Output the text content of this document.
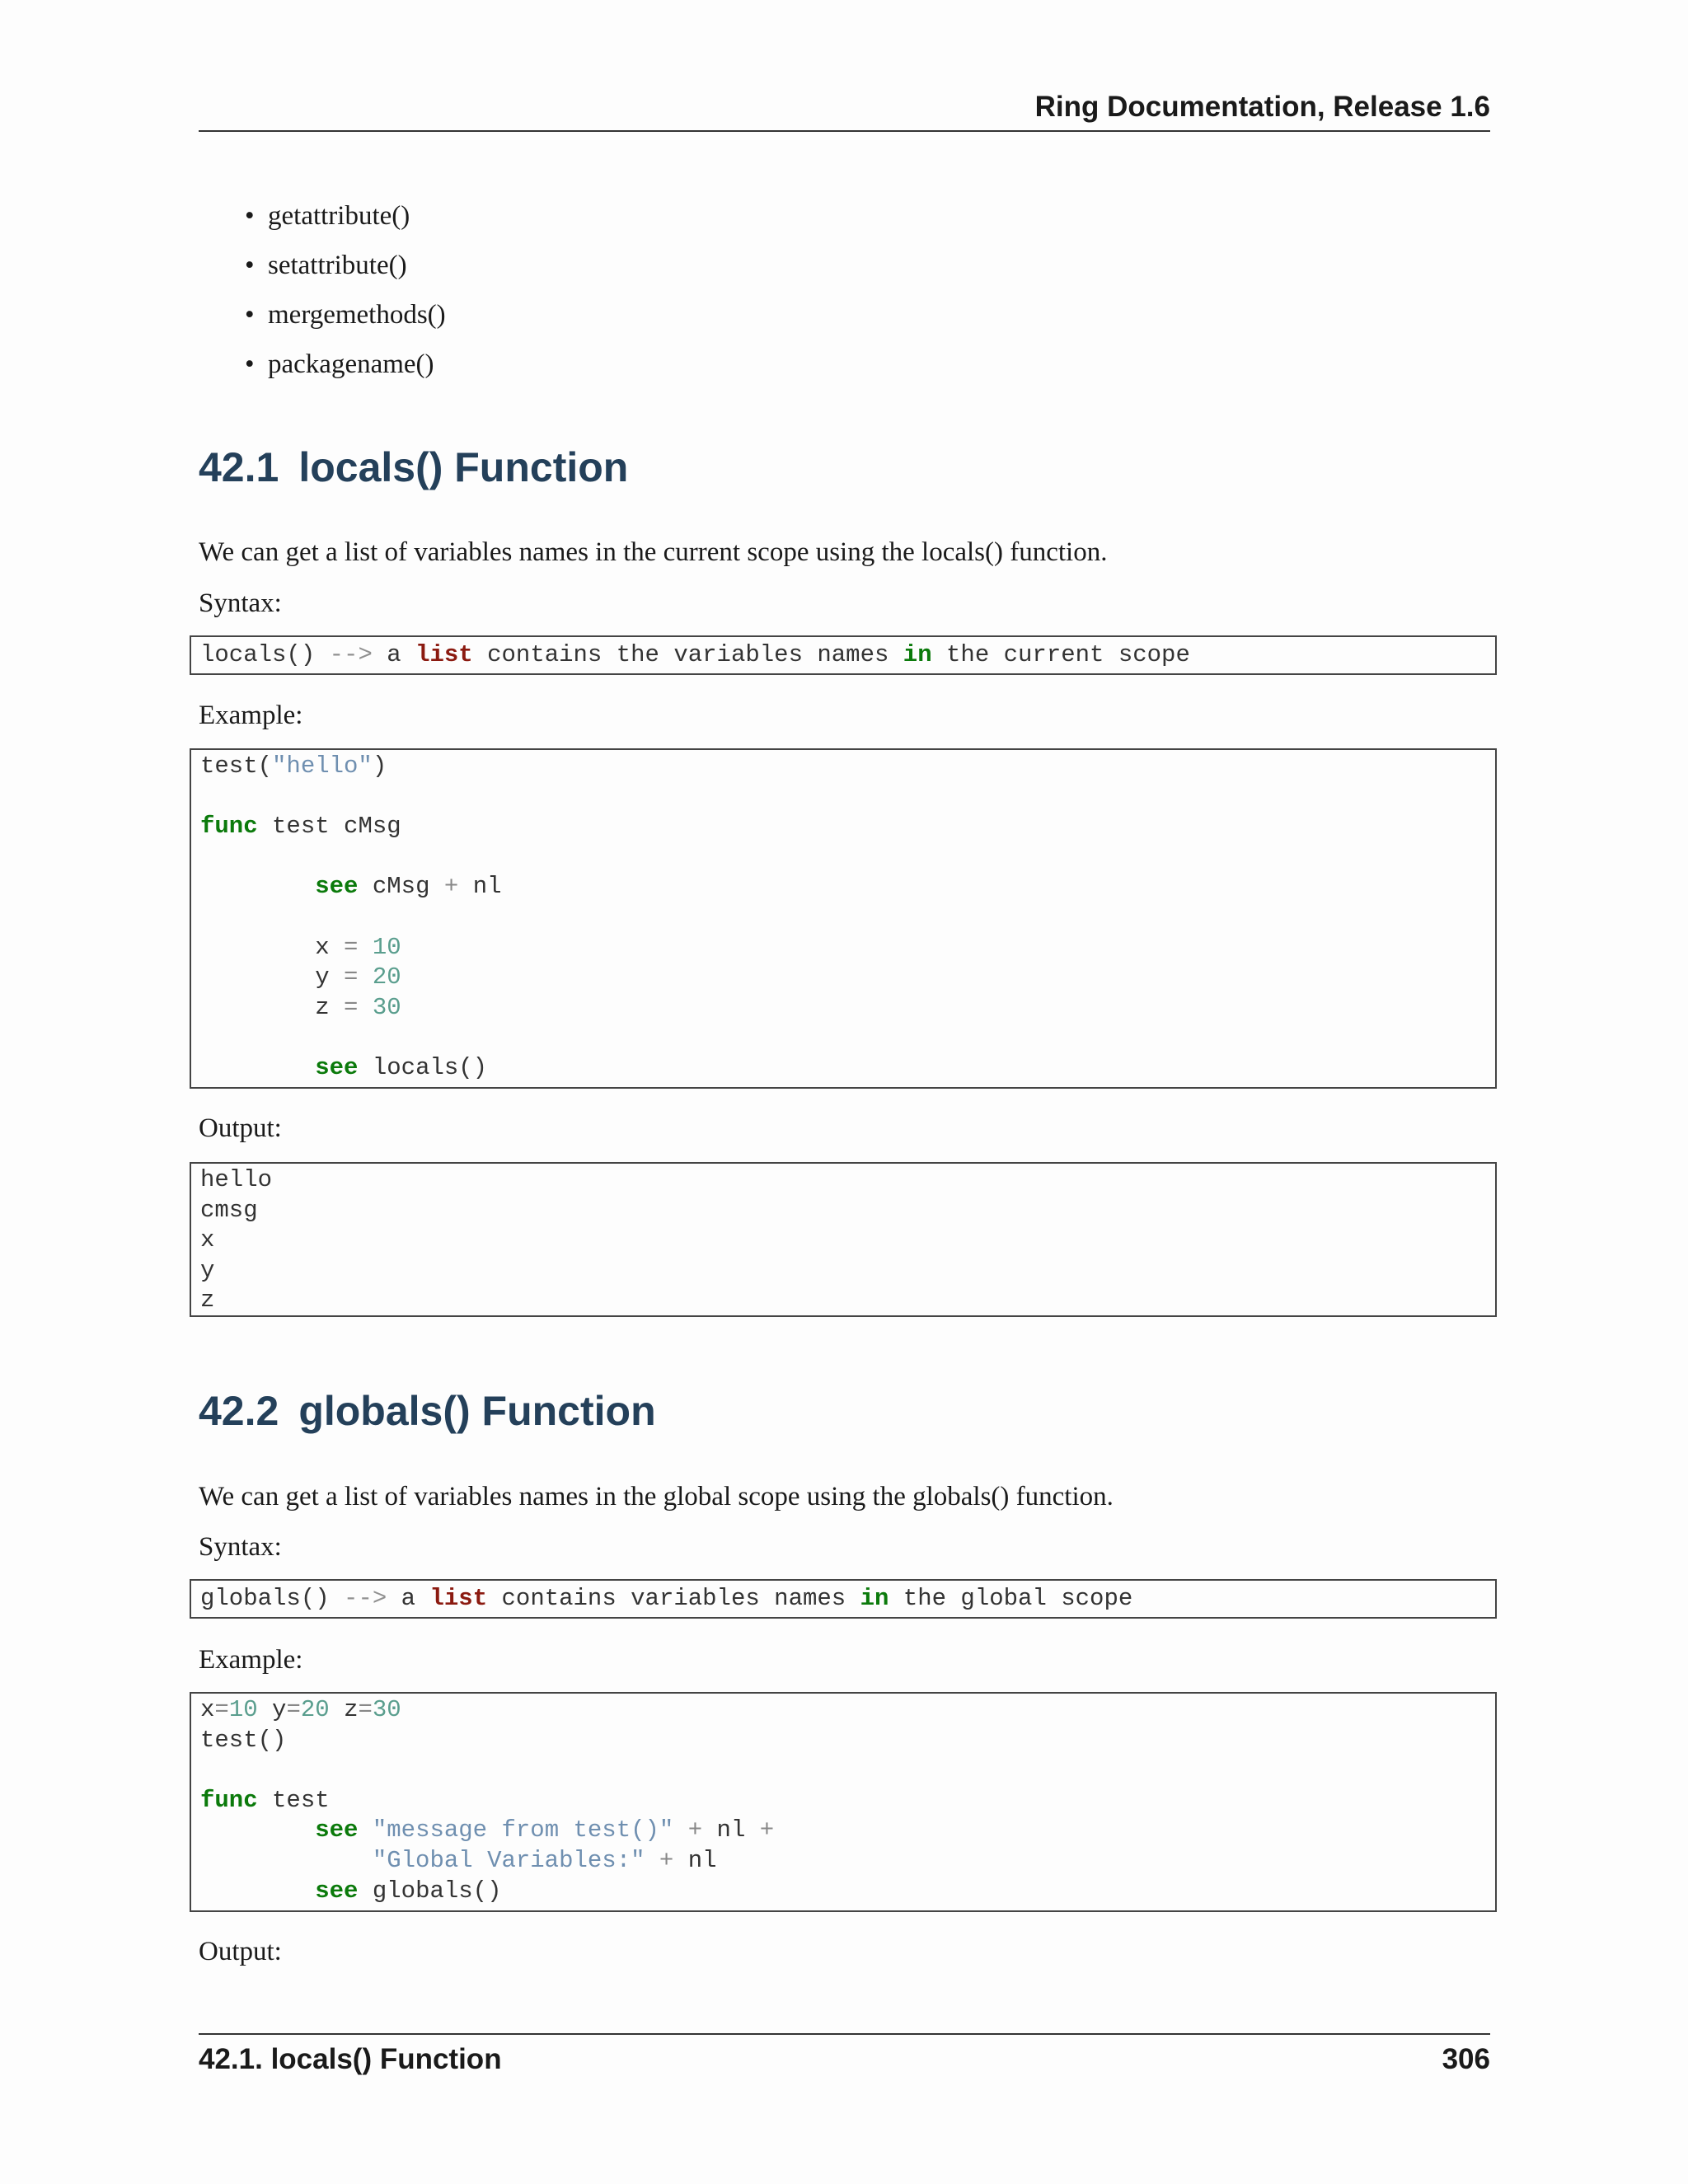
Ring Documentation, Release 1.6
• getattribute()
• setattribute()
• mergemethods()
• packagename()
42.1 locals() Function

We can get a list of variables names in the current scope using the locals() function.

Syntax:

locals() --> a list contains the variables names in the current scope

Example:

test("hello")

func test cMsg

see cMsg + nl

x = 10
y = 20
z = 30

see locals()

Output:

hello
cmsg
x
y
z
42.2 globals() Function

We can get a list of variables names in the global scope using the globals() function.

Syntax:

globals() --> a list contains variables names in the global scope

Example:

x=10 y=20 z=30
test()

func test
see "message from test()" + nl +
"Global Variables:" + nl
see globals()

Output:

42.1. locals() Function	306
